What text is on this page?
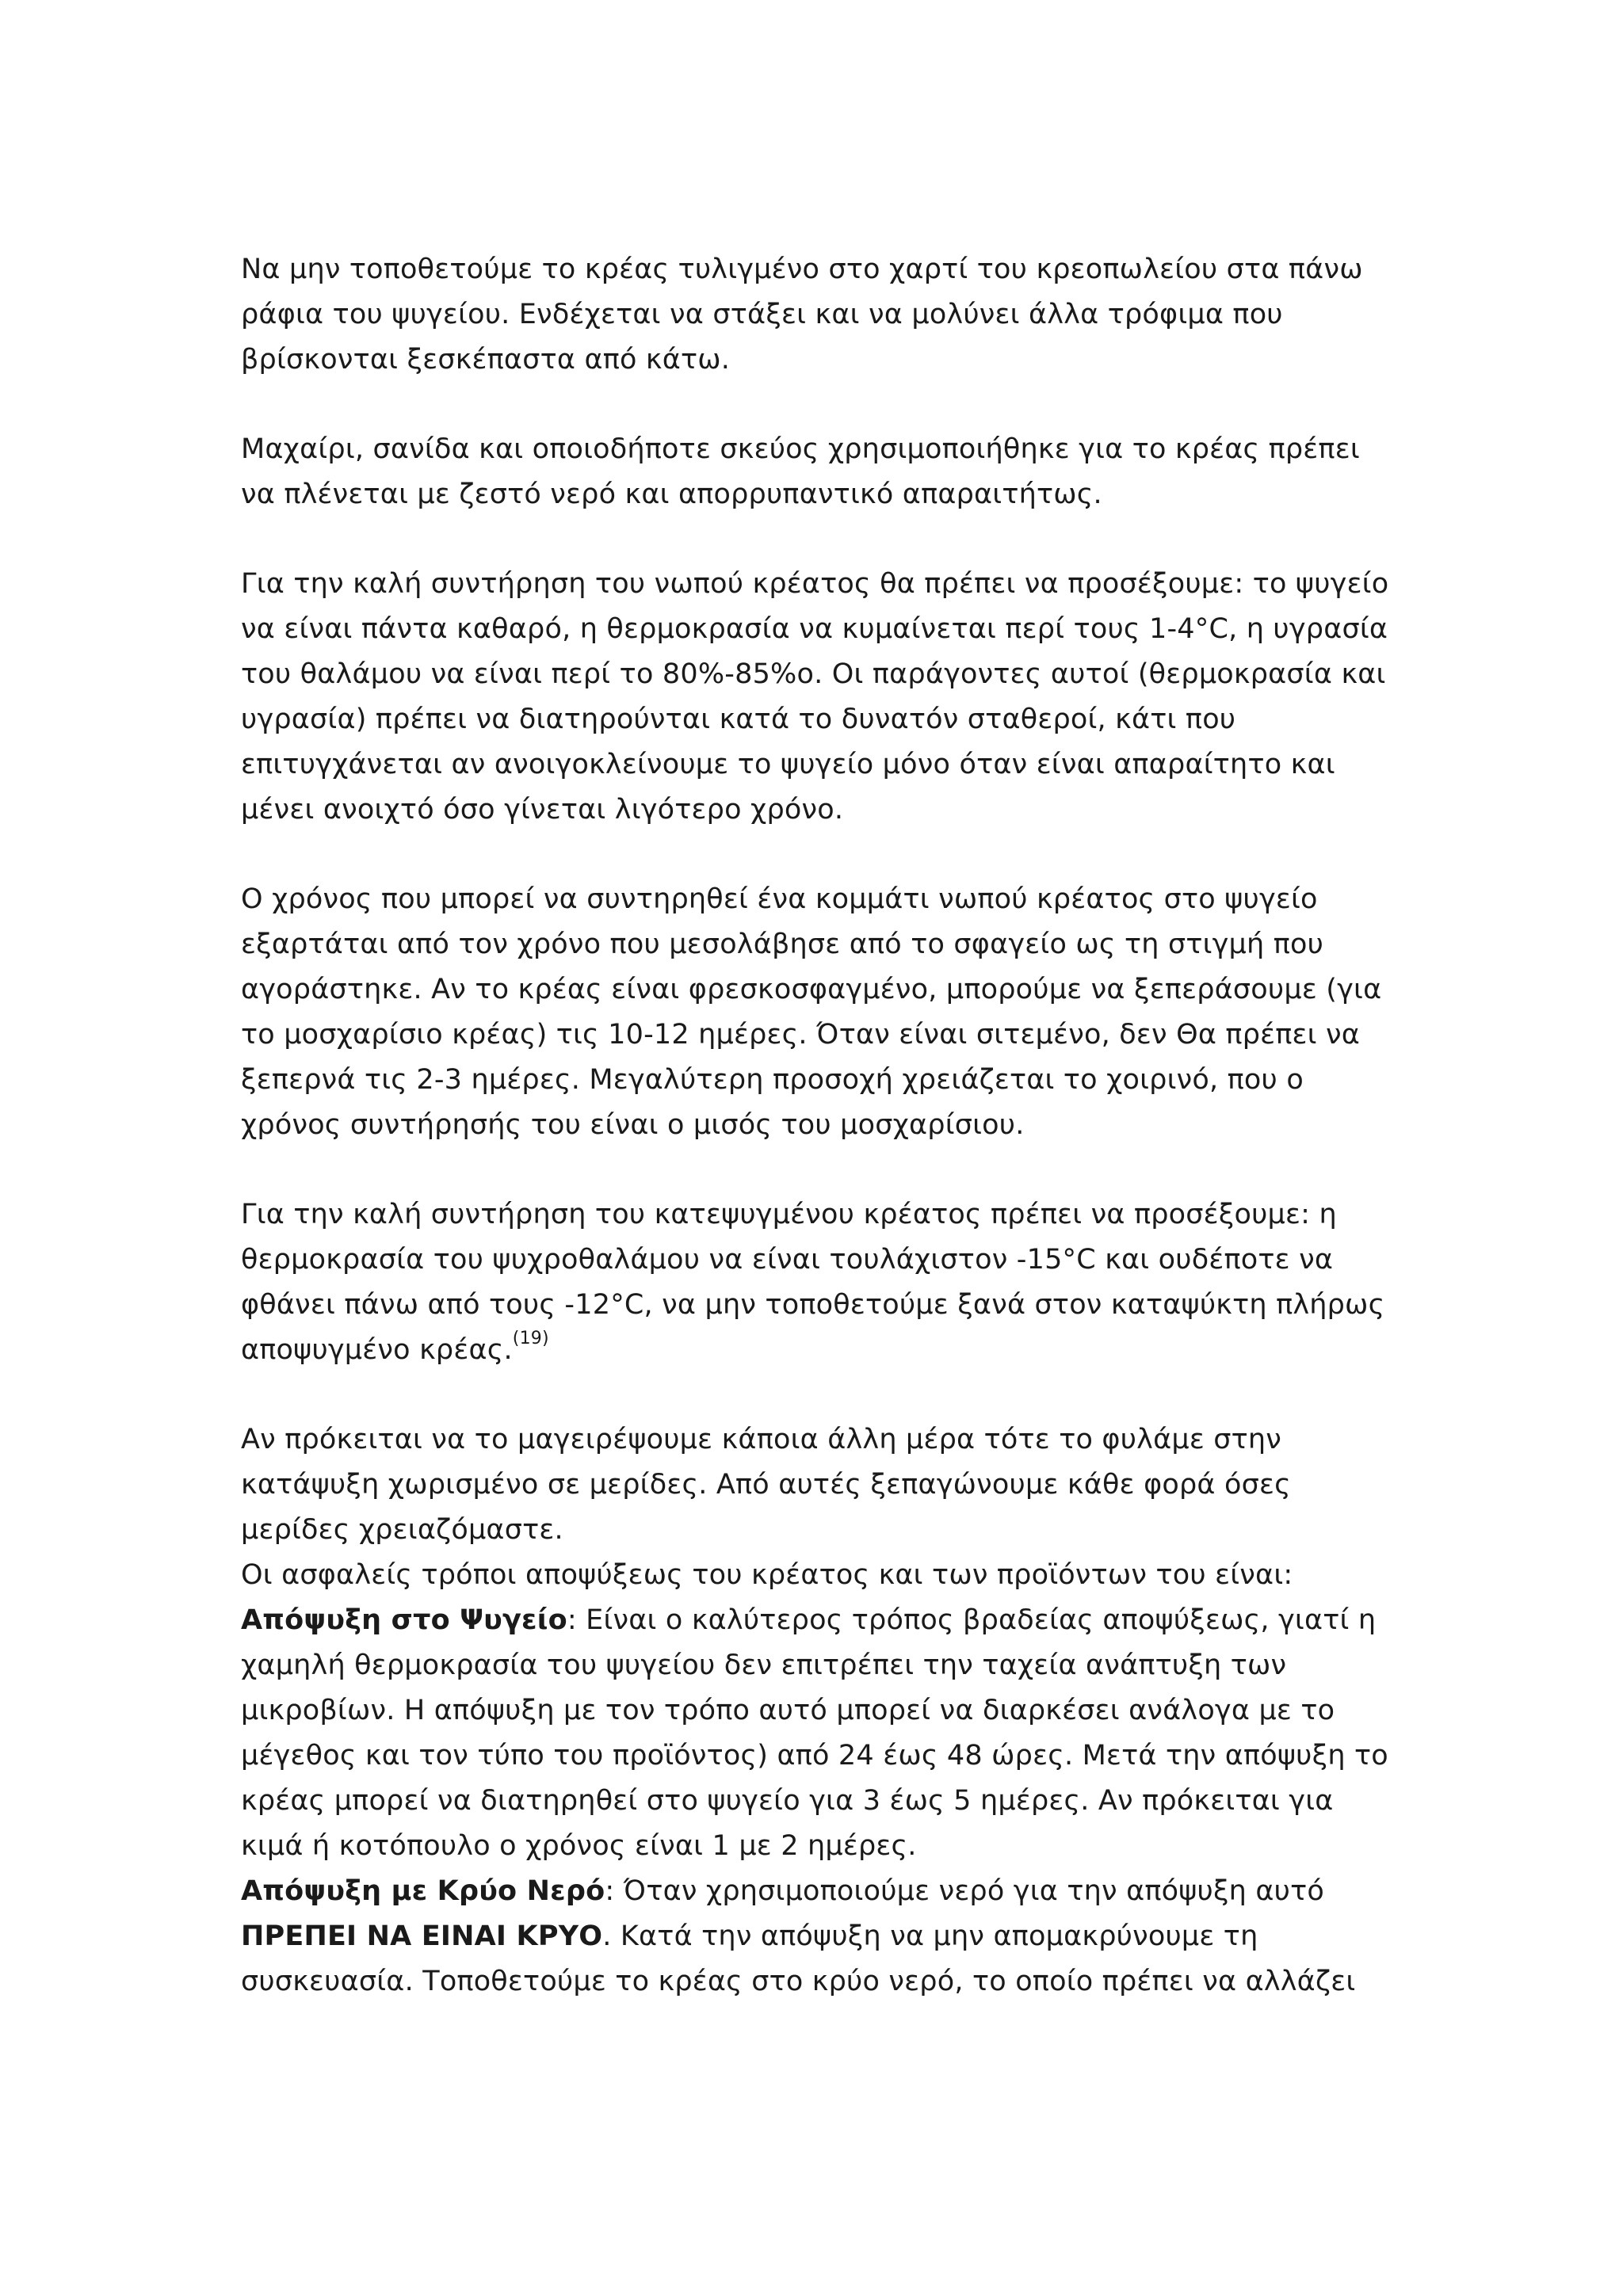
Να μην τοποθετούμε το κρέας τυλιγμένο στο χαρτί του κρεοπωλείου στα πάνω ράφια του ψυγείου. Ενδέχεται να στάξει και να μολύνει άλλα τρόφιμα που βρίσκονται ξεσκέπαστα από κάτω.

Μαχαίρι, σανίδα και οποιοδήποτε σκεύος χρησιμοποιήθηκε για το κρέας πρέπει να πλένεται με ζεστό νερό και απορρυπαντικό απαραιτήτως.

Για την καλή συντήρηση του νωπού κρέατος θα πρέπει να προσέξουμε: το ψυγείο να είναι πάντα καθαρό, η θερμοκρασία να κυμαίνεται περί τους 1-4°C, η υγρασία του θαλάμου να είναι περί το 80%-85%ο. Οι παράγοντες αυτοί (θερμοκρασία και υγρασία) πρέπει να διατηρούνται κατά το δυνατόν σταθεροί, κάτι που επιτυγχάνεται αν ανοιγοκλείνουμε το ψυγείο μόνο όταν είναι απαραίτητο και μένει ανοιχτό όσο γίνεται λιγότερο χρόνο.

Ο χρόνος που μπορεί να συντηρηθεί ένα κομμάτι νωπού κρέατος στο ψυγείο εξαρτάται από τον χρόνο που μεσολάβησε από το σφαγείο ως τη στιγμή που αγοράστηκε. Αν το κρέας είναι φρεσκοσφαγμένο, μπορούμε να ξεπεράσουμε (για το μοσχαρίσιο κρέας) τις 10-12 ημέρες. Όταν είναι σιτεμένο, δεν Θα πρέπει να ξεπερνά τις 2-3 ημέρες. Μεγαλύτερη προσοχή χρειάζεται το χοιρινό, που ο χρόνος συντήρησής του είναι ο μισός του μοσχαρίσιου.

Για την καλή συντήρηση του κατεψυγμένου κρέατος πρέπει να προσέξουμε: η θερμοκρασία του ψυχροθαλάμου να είναι τουλάχιστον -15°C και ουδέποτε να φθάνει πάνω από τους -12°C, να μην τοποθετούμε ξανά στον καταψύκτη πλήρως αποψυγμένο κρέας.$^{(19)}$

Αν πρόκειται να το μαγειρέψουμε κάποια άλλη μέρα τότε το φυλάμε στην κατάψυξη χωρισμένο σε μερίδες. Από αυτές ξεπαγώνουμε κάθε φορά όσες μερίδες χρειαζόμαστε.

Οι ασφαλείς τρόποι αποψύξεως του κρέατος και των προϊόντων του είναι:

Απόψυξη στο Ψυγείο: Είναι ο καλύτερος τρόπος βραδείας αποψύξεως, γιατί η χαμηλή θερμοκρασία του ψυγείου δεν επιτρέπει την ταχεία ανάπτυξη των μικροβίων. Η απόψυξη με τον τρόπο αυτό μπορεί να διαρκέσει ανάλογα με το μέγεθος και τον τύπο του προϊόντος) από 24 έως 48 ώρες. Μετά την απόψυξη το κρέας μπορεί να διατηρηθεί στο ψυγείο για 3 έως 5 ημέρες. Αν πρόκειται για κιμά ή κοτόπουλο ο χρόνος είναι 1 με 2 ημέρες.

Απόψυξη με Κρύο Νερό: Όταν χρησιμοποιούμε νερό για την απόψυξη αυτό ΠΡΕΠΕΙ ΝΑ ΕΙΝΑΙ ΚΡΥΟ. Κατά την απόψυξη να μην απομακρύνουμε τη συσκευασία. Τοποθετούμε το κρέας στο κρύο νερό, το οποίο πρέπει να αλλάζει
